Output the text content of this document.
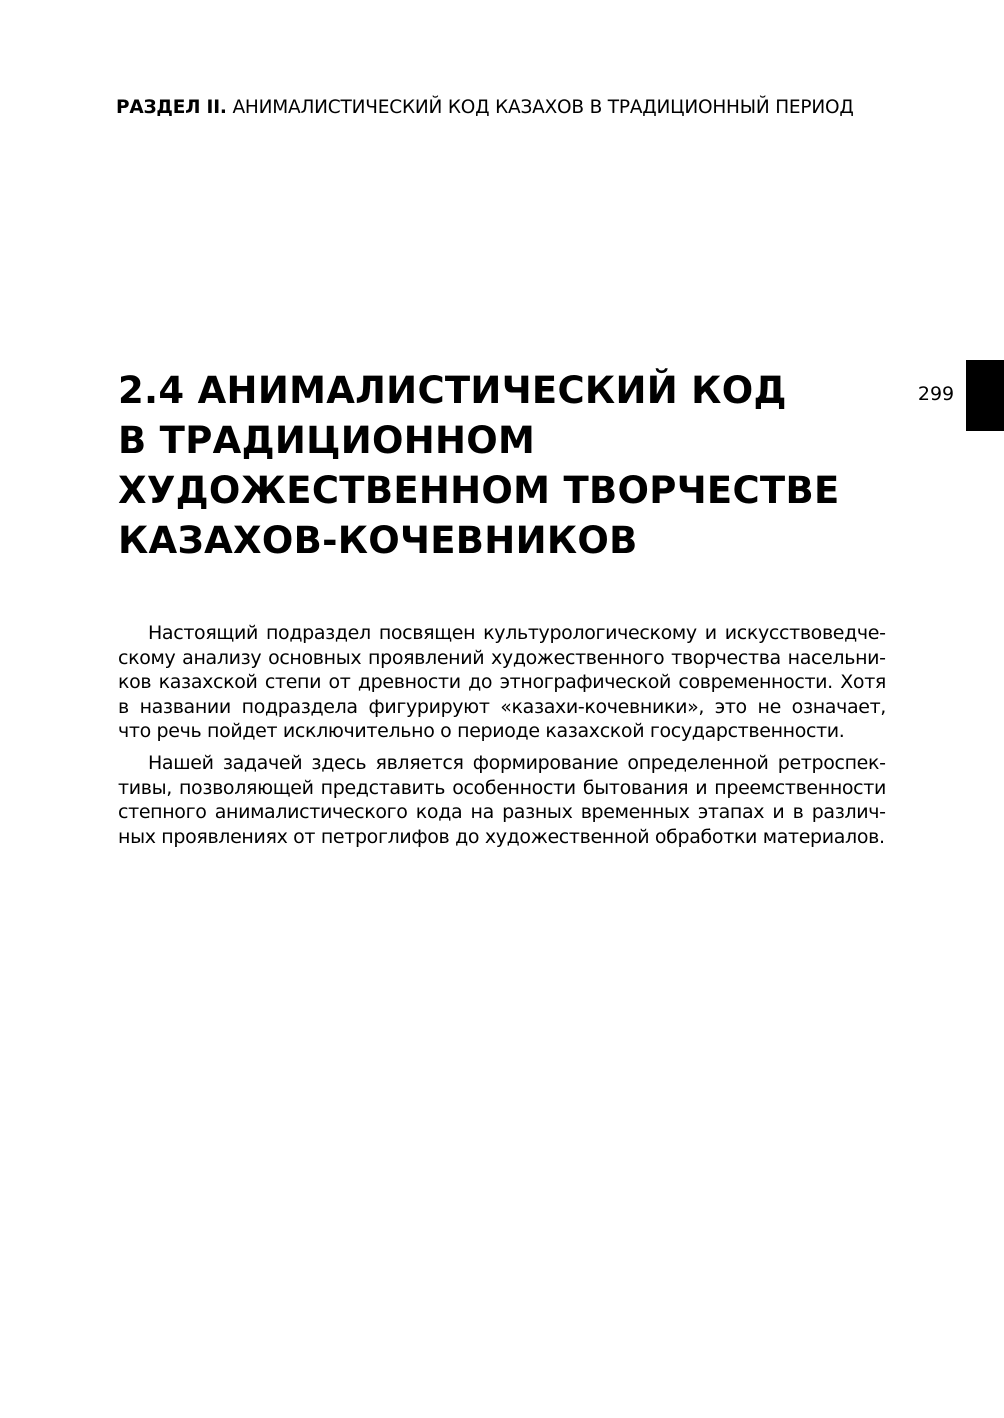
РАЗДЕЛ II. АНИМАЛИСТИЧЕСКИЙ КОД КАЗАХОВ В ТРАДИЦИОННЫЙ ПЕРИОД
299
2.4 АНИМАЛИСТИЧЕСКИЙ КОД
В ТРАДИЦИОННОМ
ХУДОЖЕСТВЕННОМ ТВОРЧЕСТВЕ
КАЗАХОВ-КОЧЕВНИКОВ

Настоящий подраздел посвящен культурологическому и искусствоведческому анализу основных проявлений художественного творчества насельников казахской степи от древности до этнографической современности. Хотя в названии подраздела фигурируют «казахи-кочевники», это не означает, что речь пойдет исключительно о периоде казахской государственности.

Нашей задачей здесь является формирование определенной ретроспективы, позволяющей представить особенности бытования и преемственности степного анималистического кода на разных временных этапах и в различных проявлениях от петроглифов до художественной обработки материалов.
